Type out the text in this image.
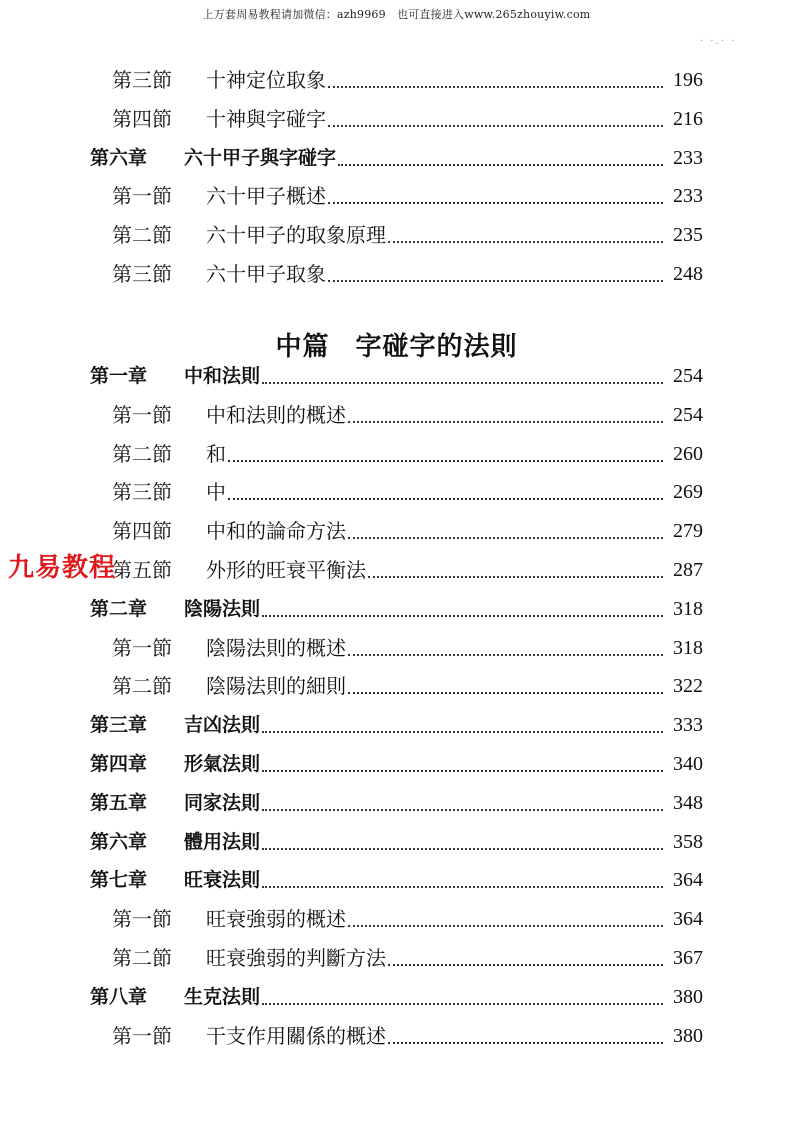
上万套周易教程请加微信：azh9969　也可直接进入www.265zhouyiw.com
· ·.· ·
第三節 十神定位取象	196
第四節 十神與字碰字	216
第六章 六十甲子與字碰字	233
第一節 六十甲子概述	233
第二節 六十甲子的取象原理	235
第三節 六十甲子取象	248
中篇 字碰字的法則
第一章 中和法則	254
第一節 中和法則的概述	254
第二節 和	260
第三節 中	269
第四節 中和的論命方法	279
第五節 外形的旺衰平衡法	287
第二章 陰陽法則	318
第一節 陰陽法則的概述	318
第二節 陰陽法則的細則	322
第三章 吉凶法則	333
第四章 形氣法則	340
第五章 同家法則	348
第六章 體用法則	358
第七章 旺衰法則	364
第一節 旺衰強弱的概述	364
第二節 旺衰強弱的判斷方法	367
第八章 生克法則	380
第一節 干支作用關係的概述	380
九易教程
